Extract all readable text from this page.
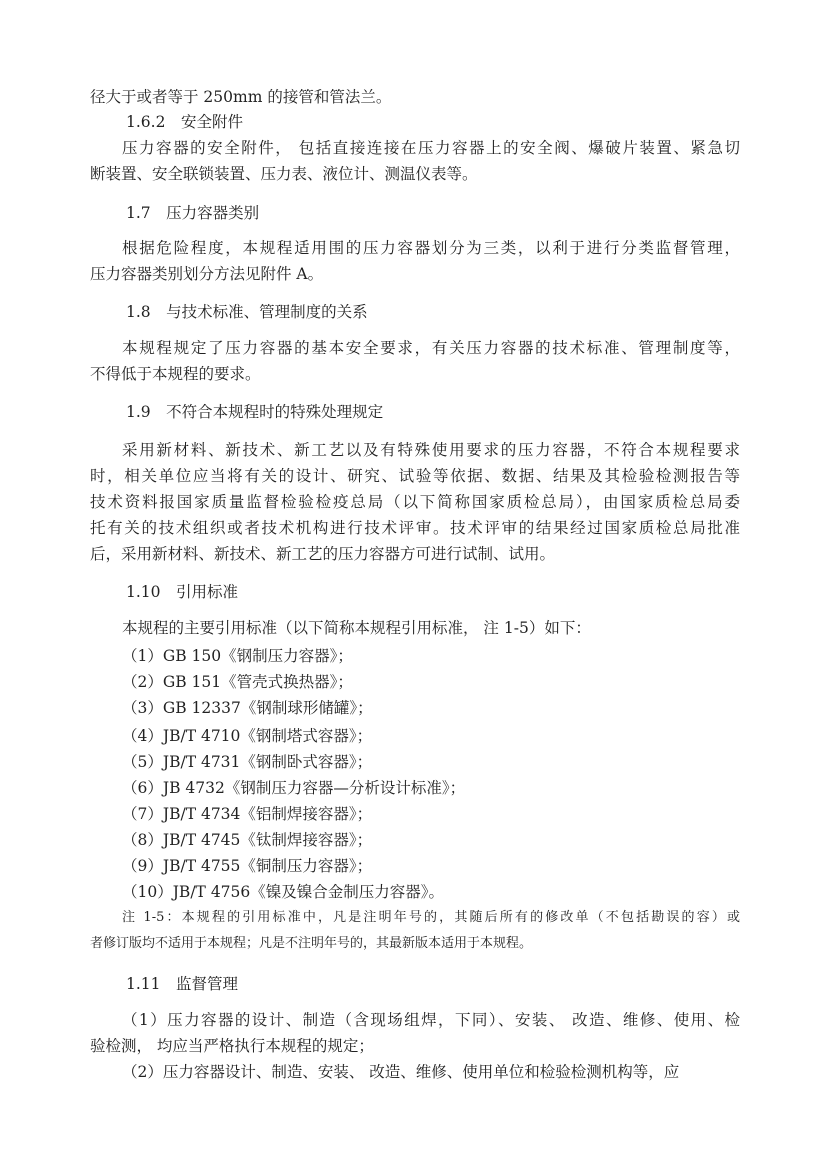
径大于或者等于 250mm 的接管和管法兰。
1.6.2　安全附件
压力容器的安全附件， 包括直接连接在压力容器上的安全阀、爆破片装置、紧急切
断装置、安全联锁装置、压力表、液位计、测温仪表等。
1.7　压力容器类别
根据危险程度，本规程适用围的压力容器划分为三类，以利于进行分类监督管理，
压力容器类别划分方法见附件 A。
1.8　与技术标准、管理制度的关系
本规程规定了压力容器的基本安全要求，有关压力容器的技术标准、管理制度等，
不得低于本规程的要求。
1.9　不符合本规程时的特殊处理规定
采用新材料、新技术、新工艺以及有特殊使用要求的压力容器，不符合本规程要求
时，相关单位应当将有关的设计、研究、试验等依据、数据、结果及其检验检测报告等
技术资料报国家质量监督检验检疫总局（以下简称国家质检总局），由国家质检总局委
托有关的技术组织或者技术机构进行技术评审。技术评审的结果经过国家质检总局批准
后，采用新材料、新技术、新工艺的压力容器方可进行试制、试用。
1.10　引用标准
本规程的主要引用标准（以下简称本规程引用标准， 注 1-5）如下：
（1）GB 150《钢制压力容器》；
（2）GB 151《管壳式换热器》；
（3）GB 12337《钢制球形储罐》；
（4）JB/T 4710《钢制塔式容器》；
（5）JB/T 4731《钢制卧式容器》；
（6）JB 4732《钢制压力容器—分析设计标准》；
（7）JB/T 4734《铝制焊接容器》；
（8）JB/T 4745《钛制焊接容器》；
（9）JB/T 4755《铜制压力容器》；
（10）JB/T 4756《镍及镍合金制压力容器》。
注 1-5：本规程的引用标准中，凡是注明年号的，其随后所有的修改单（不包括勘误的容）或
者修订版均不适用于本规程；凡是不注明年号的，其最新版本适用于本规程。
1.11　监督管理
（1）压力容器的设计、制造（含现场组焊，下同）、安装、 改造、维修、使用、检
验检测， 均应当严格执行本规程的规定；
（2）压力容器设计、制造、安装、 改造、维修、使用单位和检验检测机构等，应
